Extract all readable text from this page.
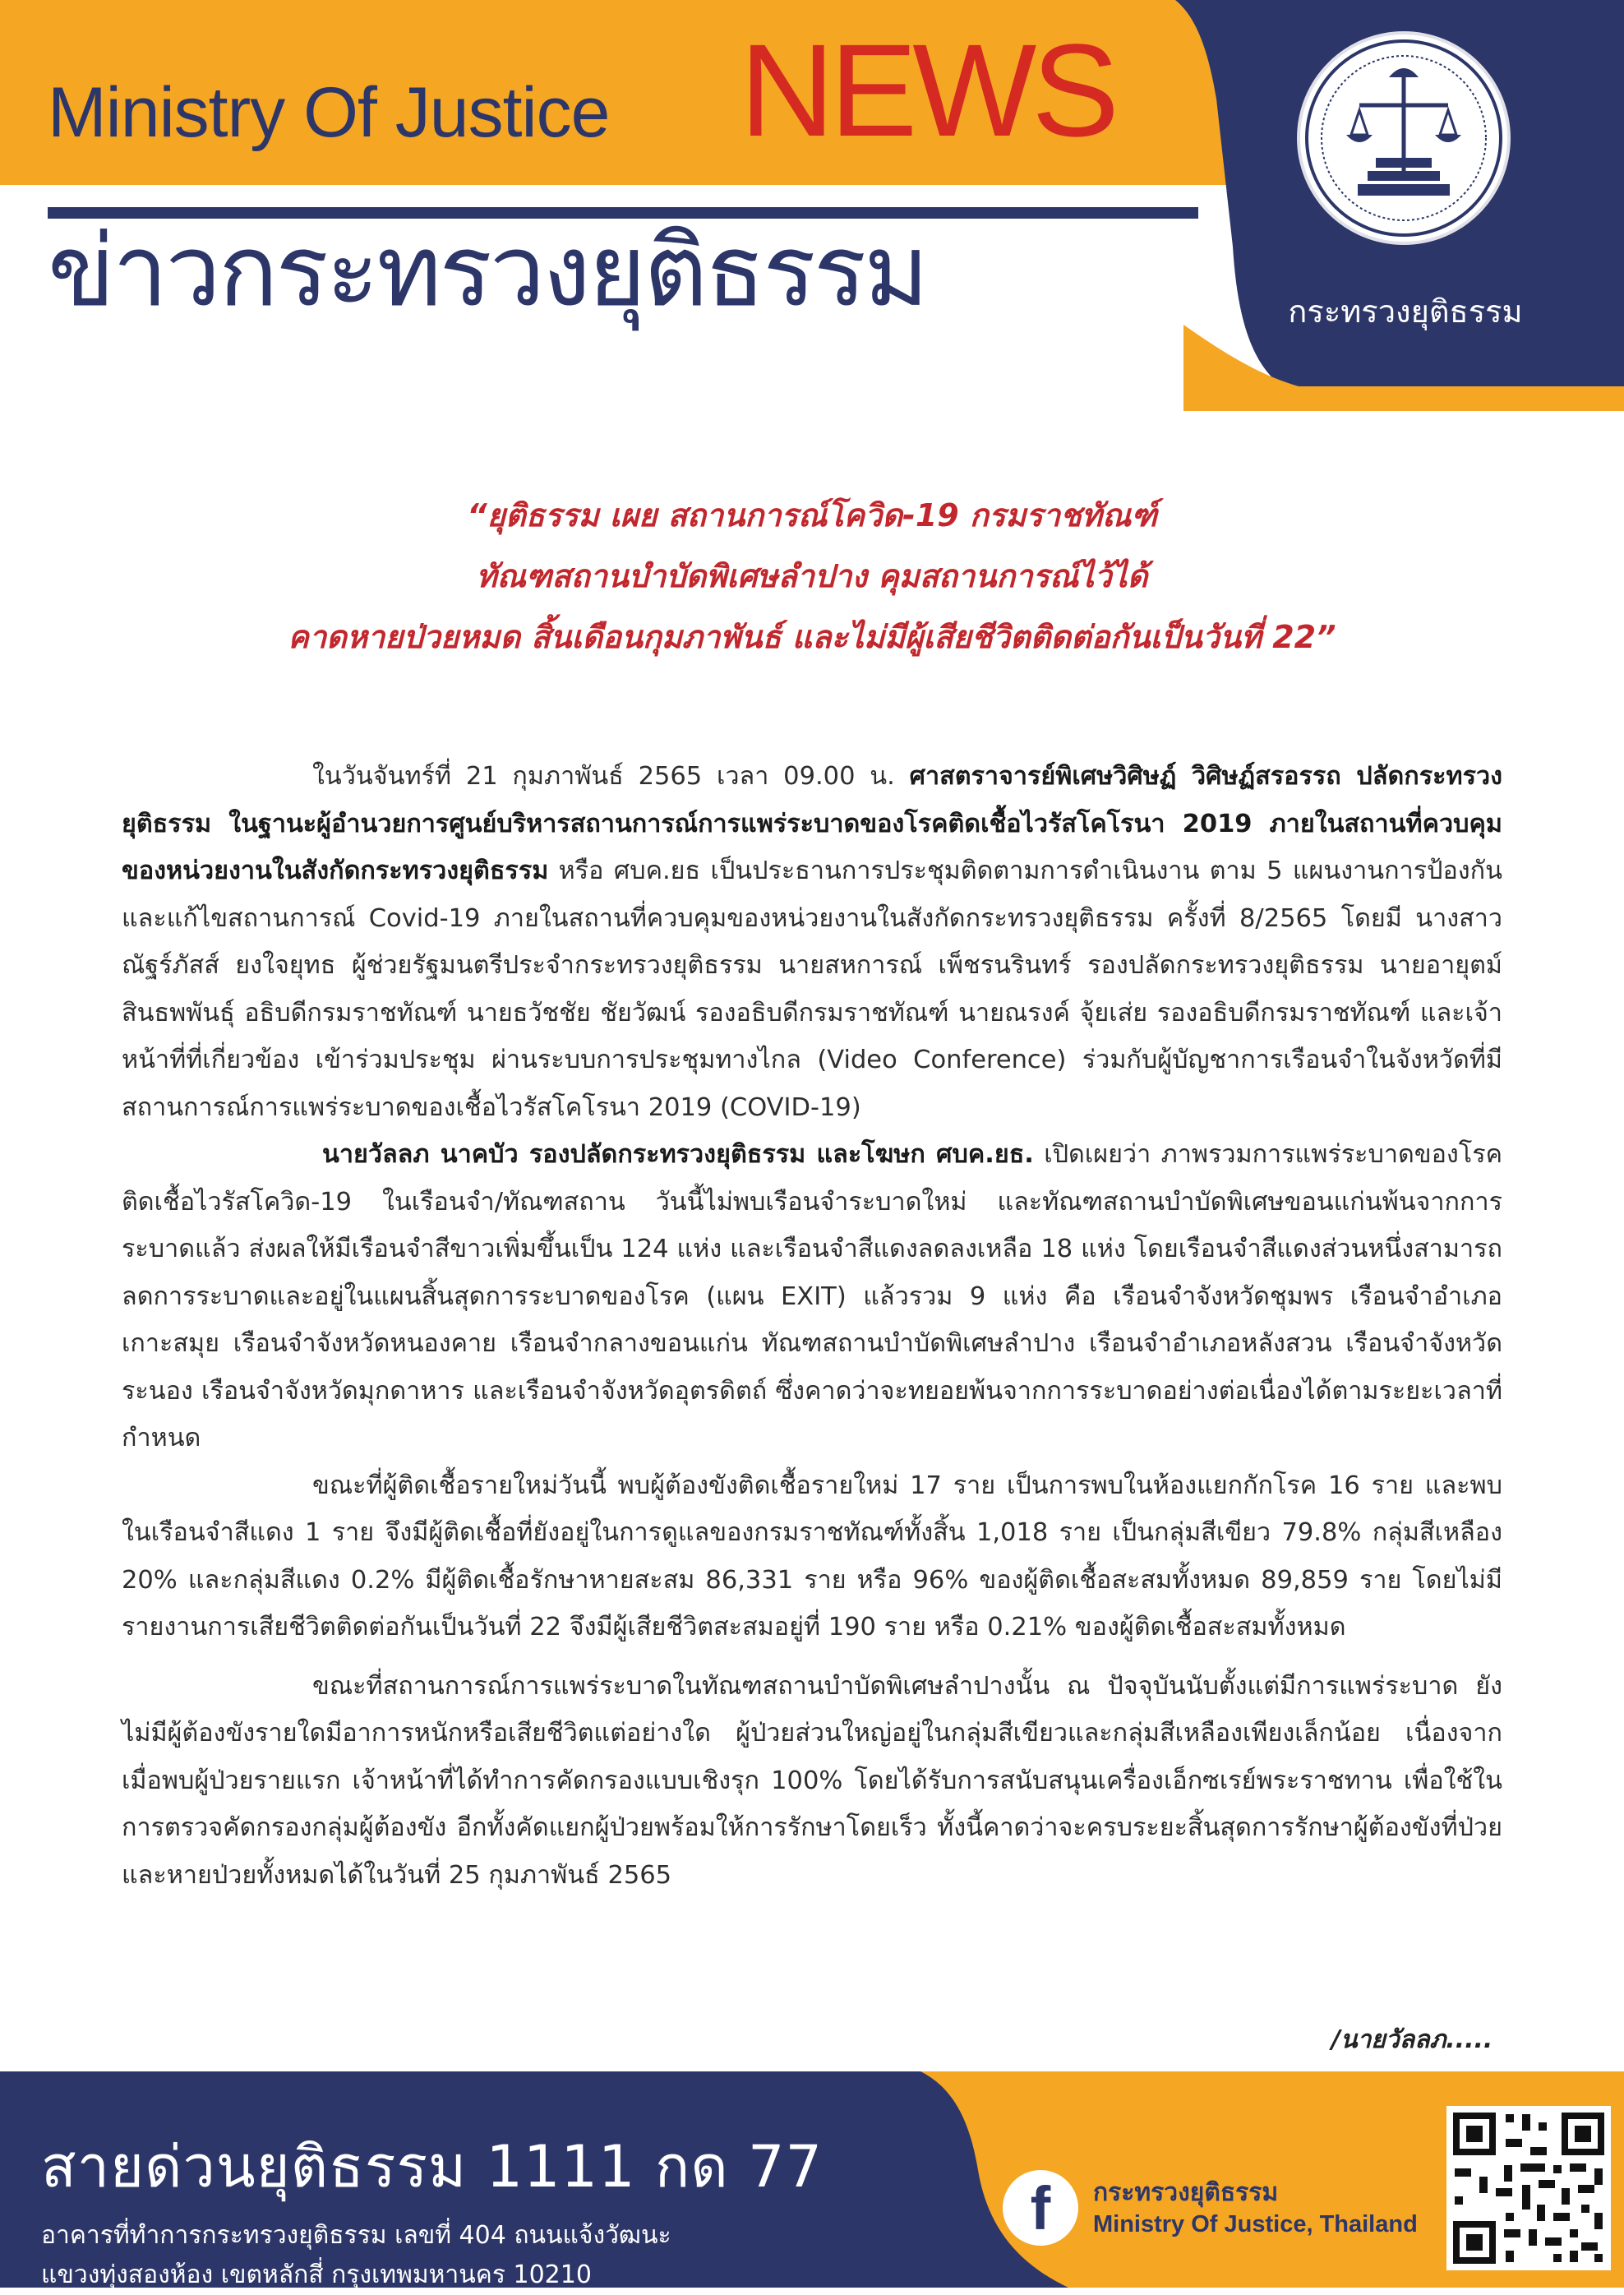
Ministry Of Justice NEWS
ข่าวกระทรวงยุติธรรม	กระทรวงยุติธรรม
“ยุติธรรม เผย สถานการณ์โควิด-19 กรมราชทัณฑ์
ทัณฑสถานบำบัดพิเศษลำปาง คุมสถานการณ์ไว้ได้
คาดหายป่วยหมด สิ้นเดือนกุมภาพันธ์ และไม่มีผู้เสียชีวิตติดต่อกันเป็นวันที่ 22”

ในวันจันทร์ที่ 21 กุมภาพันธ์ 2565 เวลา 09.00 น. ศาสตราจารย์พิเศษวิศิษฏ์ วิศิษฏ์สรอรรถ ปลัดกระทรวงยุติธรรม ในฐานะผู้อำนวยการศูนย์บริหารสถานการณ์การแพร่ระบาดของโรคติดเชื้อไวรัสโคโรนา 2019 ภายในสถานที่ควบคุมของหน่วยงานในสังกัดกระทรวงยุติธรรม หรือ ศบค.ยธ เป็นประธานการประชุมติดตามการดำเนินงาน ตาม 5 แผนงานการป้องกันและแก้ไขสถานการณ์ Covid-19 ภายในสถานที่ควบคุมของหน่วยงานในสังกัดกระทรวงยุติธรรม ครั้งที่ 8/2565 โดยมี นางสาวณัฐร์ภัสส์ ยงใจยุทธ ผู้ช่วยรัฐมนตรีประจำกระทรวงยุติธรรม นายสหการณ์ เพ็ชรนรินทร์ รองปลัดกระทรวงยุติธรรม นายอายุตม์ สินธพพันธุ์ อธิบดีกรมราชทัณฑ์ นายธวัชชัย ชัยวัฒน์ รองอธิบดีกรมราชทัณฑ์ นายณรงค์ จุ้ยเส่ย รองอธิบดีกรมราชทัณฑ์ และเจ้าหน้าที่ที่เกี่ยวข้อง เข้าร่วมประชุม ผ่านระบบการประชุมทางไกล (Video Conference) ร่วมกับผู้บัญชาการเรือนจำในจังหวัดที่มีสถานการณ์การแพร่ระบาดของเชื้อไวรัสโคโรนา 2019 (COVID-19)

นายวัลลภ นาคบัว รองปลัดกระทรวงยุติธรรม และโฆษก ศบค.ยธ. เปิดเผยว่า ภาพรวมการแพร่ระบาดของโรคติดเชื้อไวรัสโควิด-19 ในเรือนจำ/ทัณฑสถาน วันนี้ไม่พบเรือนจำระบาดใหม่ และทัณฑสถานบำบัดพิเศษขอนแก่นพ้นจากการระบาดแล้ว ส่งผลให้มีเรือนจำสีขาวเพิ่มขึ้นเป็น 124 แห่ง และเรือนจำสีแดงลดลงเหลือ 18 แห่ง โดยเรือนจำสีแดงส่วนหนึ่งสามารถลดการระบาดและอยู่ในแผนสิ้นสุดการระบาดของโรค (แผน EXIT) แล้วรวม 9 แห่ง คือ เรือนจำจังหวัดชุมพร เรือนจำอำเภอเกาะสมุย เรือนจำจังหวัดหนองคาย เรือนจำกลางขอนแก่น ทัณฑสถานบำบัดพิเศษลำปาง เรือนจำอำเภอหลังสวน เรือนจำจังหวัดระนอง เรือนจำจังหวัดมุกดาหาร และเรือนจำจังหวัดอุตรดิตถ์ ซึ่งคาดว่าจะทยอยพ้นจากการระบาดอย่างต่อเนื่องได้ตามระยะเวลาที่กำหนด

ขณะที่ผู้ติดเชื้อรายใหม่วันนี้ พบผู้ต้องขังติดเชื้อรายใหม่ 17 ราย เป็นการพบในห้องแยกกักโรค 16 ราย และพบในเรือนจำสีแดง 1 ราย จึงมีผู้ติดเชื้อที่ยังอยู่ในการดูแลของกรมราชทัณฑ์ทั้งสิ้น 1,018 ราย เป็นกลุ่มสีเขียว 79.8% กลุ่มสีเหลือง 20% และกลุ่มสีแดง 0.2% มีผู้ติดเชื้อรักษาหายสะสม 86,331 ราย หรือ 96% ของผู้ติดเชื้อสะสมทั้งหมด 89,859 ราย โดยไม่มีรายงานการเสียชีวิตติดต่อกันเป็นวันที่ 22 จึงมีผู้เสียชีวิตสะสมอยู่ที่ 190 ราย หรือ 0.21% ของผู้ติดเชื้อสะสมทั้งหมด

ขณะที่สถานการณ์การแพร่ระบาดในทัณฑสถานบำบัดพิเศษลำปางนั้น ณ ปัจจุบันนับตั้งแต่มีการแพร่ระบาด ยังไม่มีผู้ต้องขังรายใดมีอาการหนักหรือเสียชีวิตแต่อย่างใด ผู้ป่วยส่วนใหญ่อยู่ในกลุ่มสีเขียวและกลุ่มสีเหลืองเพียงเล็กน้อย เนื่องจากเมื่อพบผู้ป่วยรายแรก เจ้าหน้าที่ได้ทำการคัดกรองแบบเชิงรุก 100% โดยได้รับการสนับสนุนเครื่องเอ็กซเรย์พระราชทาน เพื่อใช้ในการตรวจคัดกรองกลุ่มผู้ต้องขัง อีกทั้งคัดแยกผู้ป่วยพร้อมให้การรักษาโดยเร็ว ทั้งนี้คาดว่าจะครบระยะสิ้นสุดการรักษาผู้ต้องขังที่ป่วยและหายป่วยทั้งหมดได้ในวันที่ 25 กุมภาพันธ์ 2565

/นายวัลลภ.....
สายด่วนยุติธรรม 1111 กด 77
อาคารที่ทำการกระทรวงยุติธรรม เลขที่ 404 ถนนแจ้งวัฒนะ
แขวงทุ่งสองห้อง เขตหลักสี่ กรุงเทพมหานคร 10210
f	กระทรวงยุติธรรม
Ministry Of Justice, Thailand
